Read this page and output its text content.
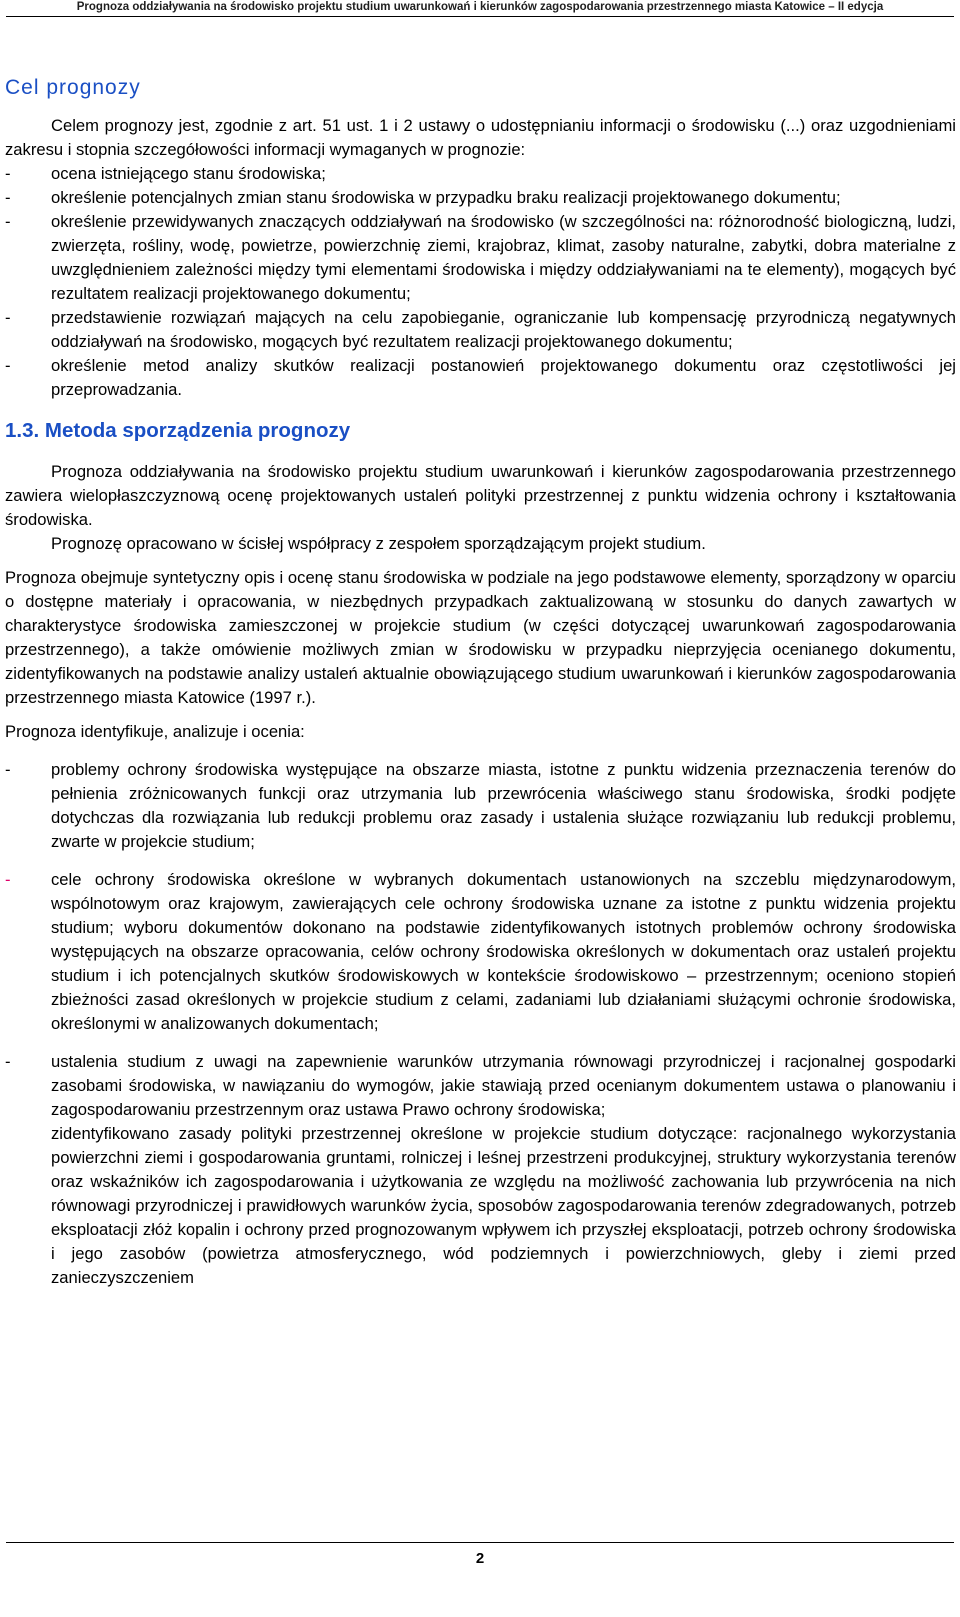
Prognoza oddziaływania na środowisko projektu studium uwarunkowań i kierunków zagospodarowania przestrzennego miasta Katowice – II edycja
Cel prognozy

Celem prognozy jest, zgodnie z art. 51 ust. 1 i 2 ustawy o udostępnianiu informacji o środowisku (...) oraz uzgodnieniami zakresu i stopnia szczegółowości informacji wymaganych w prognozie:

- ocena istniejącego stanu środowiska;
- określenie potencjalnych zmian stanu środowiska w przypadku braku realizacji projektowanego dokumentu;
- określenie przewidywanych znaczących oddziaływań na środowisko (w szczególności na: różnorodność biologiczną, ludzi, zwierzęta, rośliny, wodę, powietrze, powierzchnię ziemi, krajobraz, klimat, zasoby naturalne, zabytki, dobra materialne z uwzględnieniem zależności między tymi elementami środowiska i między oddziaływaniami na te elementy), mogących być rezultatem realizacji projektowanego dokumentu;
- przedstawienie rozwiązań mających na celu zapobieganie, ograniczanie lub kompensację przyrodniczą negatywnych oddziaływań na środowisko, mogących być rezultatem realizacji projektowanego dokumentu;
- określenie metod analizy skutków realizacji postanowień projektowanego dokumentu oraz częstotliwości jej przeprowadzania.
1.3. Metoda sporządzenia prognozy

Prognoza oddziaływania na środowisko projektu studium uwarunkowań i kierunków zagospodarowania przestrzennego zawiera wielopłaszczyznową ocenę projektowanych ustaleń polityki przestrzennej z punktu widzenia ochrony i kształtowania środowiska.

Prognozę opracowano w ścisłej współpracy z zespołem sporządzającym projekt studium.

Prognoza obejmuje syntetyczny opis i ocenę stanu środowiska w podziale na jego podstawowe elementy, sporządzony w oparciu o dostępne materiały i opracowania, w niezbędnych przypadkach zaktualizowaną w stosunku do danych zawartych w charakterystyce środowiska zamieszczonej w projekcie studium (w części dotyczącej uwarunkowań zagospodarowania przestrzennego), a także omówienie możliwych zmian w środowisku w przypadku nieprzyjęcia ocenianego dokumentu, zidentyfikowanych na podstawie analizy ustaleń aktualnie obowiązującego studium uwarunkowań i kierunków zagospodarowania przestrzennego miasta Katowice (1997 r.).

Prognoza identyfikuje, analizuje i ocenia:

- problemy ochrony środowiska występujące na obszarze miasta, istotne z punktu widzenia przeznaczenia terenów do pełnienia zróżnicowanych funkcji oraz utrzymania lub przewrócenia właściwego stanu środowiska, środki podjęte dotychczas dla rozwiązania lub redukcji problemu oraz zasady i ustalenia służące rozwiązaniu lub redukcji problemu, zwarte w projekcie studium;
- cele ochrony środowiska określone w wybranych dokumentach ustanowionych na szczeblu międzynarodowym, wspólnotowym oraz krajowym, zawierających cele ochrony środowiska uznane za istotne z punktu widzenia projektu studium; wyboru dokumentów dokonano na podstawie zidentyfikowanych istotnych problemów ochrony środowiska występujących na obszarze opracowania, celów ochrony środowiska określonych w dokumentach oraz ustaleń projektu studium i ich potencjalnych skutków środowiskowych w kontekście środowiskowo – przestrzennym; oceniono stopień zbieżności zasad określonych w projekcie studium z celami, zadaniami lub działaniami służącymi ochronie środowiska, określonymi w analizowanych dokumentach;
- ustalenia studium z uwagi na zapewnienie warunków utrzymania równowagi przyrodniczej i racjonalnej gospodarki zasobami środowiska, w nawiązaniu do wymogów, jakie stawiają przed ocenianym dokumentem ustawa o planowaniu i zagospodarowaniu przestrzennym oraz ustawa Prawo ochrony środowiska;
zidentyfikowano zasady polityki przestrzennej określone w projekcie studium dotyczące: racjonalnego wykorzystania powierzchni ziemi i gospodarowania gruntami, rolniczej i leśnej przestrzeni produkcyjnej, struktury wykorzystania terenów oraz wskaźników ich zagospodarowania i użytkowania ze względu na możliwość zachowania lub przywrócenia na nich równowagi przyrodniczej i prawidłowych warunków życia, sposobów zagospodarowania terenów zdegradowanych, potrzeb eksploatacji złóż kopalin i ochrony przed prognozowanym wpływem ich przyszłej eksploatacji, potrzeb ochrony środowiska i jego zasobów (powietrza atmosferycznego, wód podziemnych i powierzchniowych, gleby i ziemi przed zanieczyszczeniem
2
